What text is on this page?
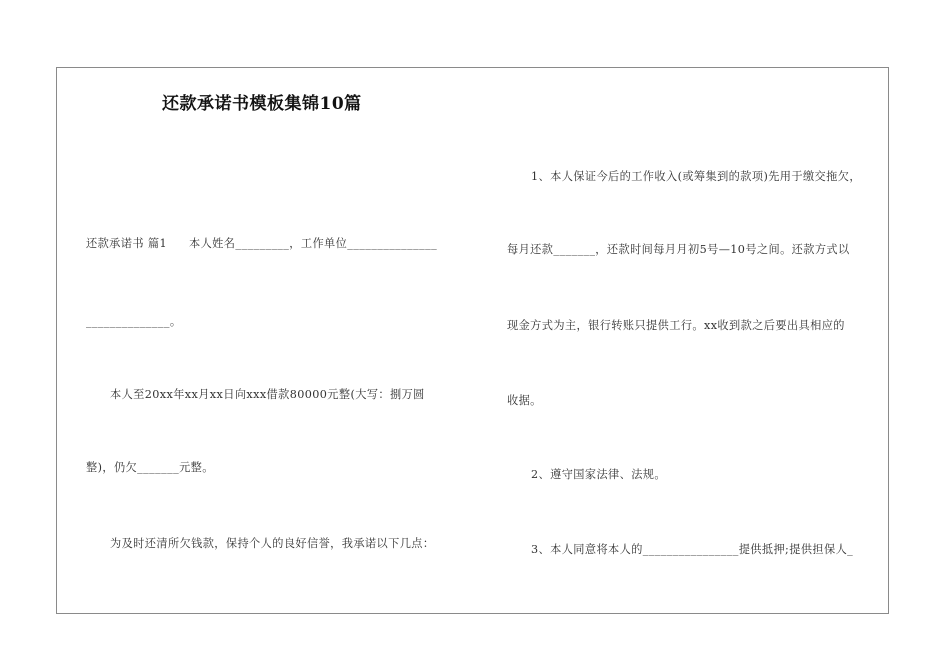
还款承诺书模板集锦10篇
还款承诺书 篇1 本人姓名_________，工作单位_______________
______________。
本人至20xx年xx月xx日向xxx借款80000元整(大写：捌万圆
整)，仍欠_______元整。
为及时还清所欠钱款，保持个人的良好信誉，我承诺以下几点：
1、本人保证今后的工作收入(或筹集到的款项)先用于缴交拖欠，
每月还款_______，还款时间每月月初5号—10号之间。还款方式以
现金方式为主，银行转账只提供工行。xx收到款之后要出具相应的
收据。
2、遵守国家法律、法规。
3、本人同意将本人的________________提供抵押;提供担保人_
